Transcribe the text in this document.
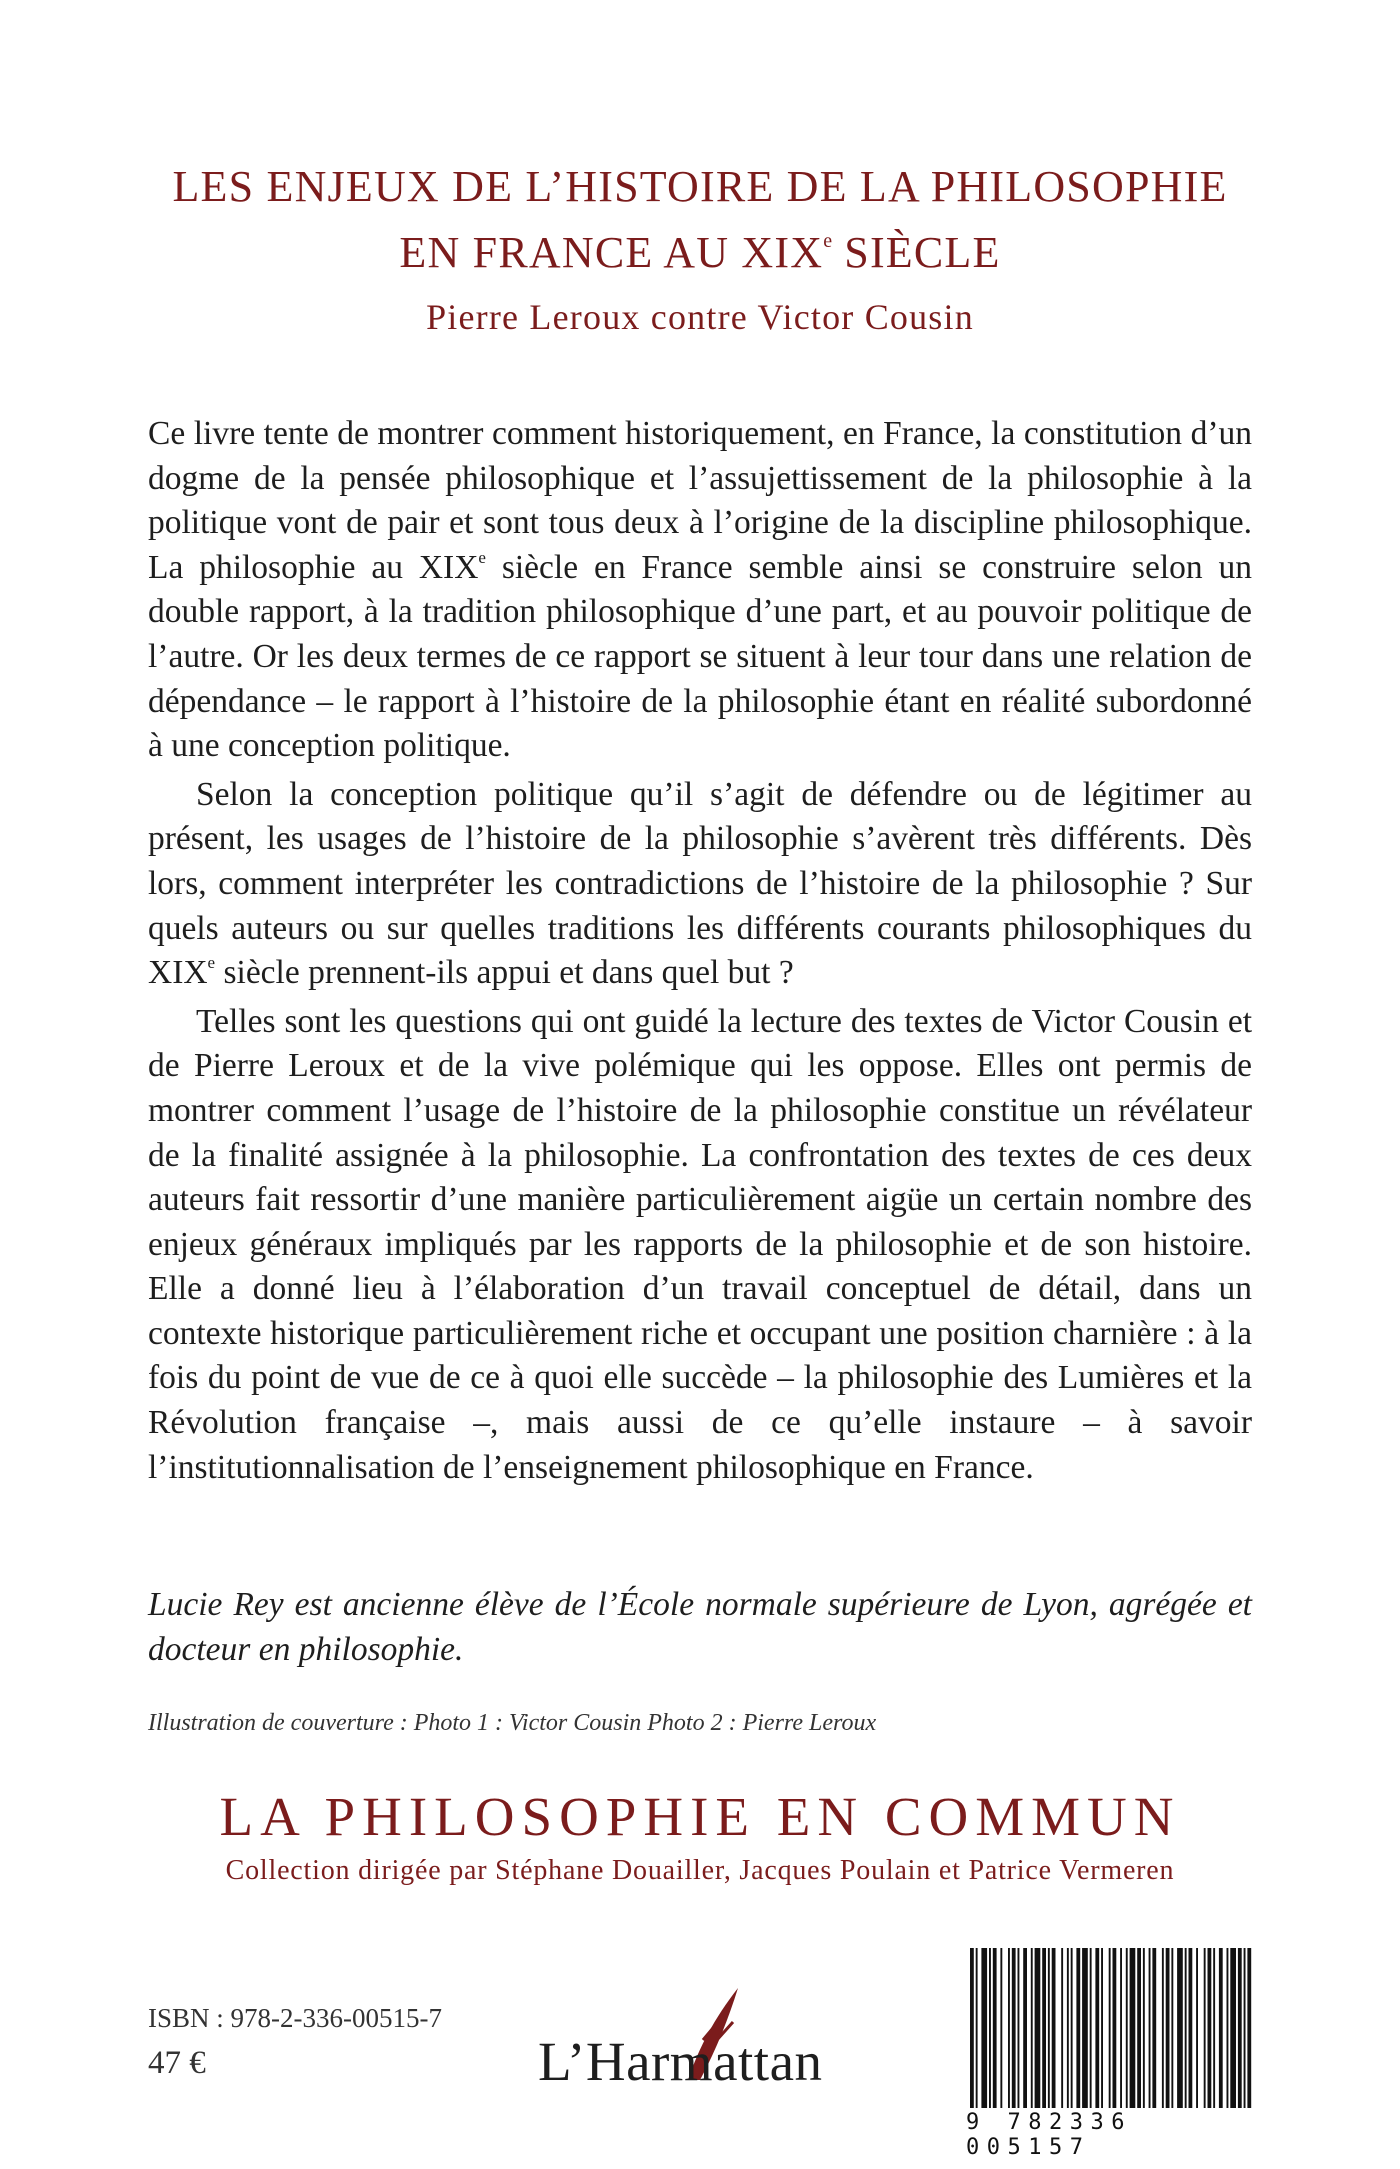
LES ENJEUX DE L’HISTOIRE DE LA PHILOSOPHIE
EN FRANCE AU XIXe SIÈCLE
Pierre Leroux contre Victor Cousin

Ce livre tente de montrer comment historiquement, en France, la constitution d’un dogme de la pensée philosophique et l’assujettissement de la philosophie à la politique vont de pair et sont tous deux à l’origine de la discipline philosophique. La philosophie au XIXe siècle en France semble ainsi se construire selon un double rapport, à la tradition philosophique d’une part, et au pouvoir politique de l’autre. Or les deux termes de ce rapport se situent à leur tour dans une relation de dépendance – le rapport à l’histoire de la philosophie étant en réalité subordonné à une conception politique.

Selon la conception politique qu’il s’agit de défendre ou de légitimer au présent, les usages de l’histoire de la philosophie s’avèrent très différents. Dès lors, comment interpréter les contradictions de l’histoire de la philosophie ? Sur quels auteurs ou sur quelles traditions les différents courants philosophiques du XIXe siècle prennent-ils appui et dans quel but ?

Telles sont les questions qui ont guidé la lecture des textes de Victor Cousin et de Pierre Leroux et de la vive polémique qui les oppose. Elles ont permis de montrer comment l’usage de l’histoire de la philosophie constitue un révélateur de la finalité assignée à la philosophie. La confrontation des textes de ces deux auteurs fait ressortir d’une manière particulièrement aigüe un certain nombre des enjeux généraux impliqués par les rapports de la philosophie et de son histoire. Elle a donné lieu à l’élaboration d’un travail conceptuel de détail, dans un contexte historique particulièrement riche et occupant une position charnière : à la fois du point de vue de ce à quoi elle succède – la philosophie des Lumières et la Révolution française –, mais aussi de ce qu’elle instaure – à savoir l’institutionnalisation de l’enseignement philosophique en France.

Lucie Rey est ancienne élève de l’École normale supérieure de Lyon, agrégée et docteur en philosophie.
Illustration de couverture : Photo 1 : Victor Cousin Photo 2 : Pierre Leroux
LA PHILOSOPHIE EN COMMUN
Collection dirigée par Stéphane Douailler, Jacques Poulain et Patrice Vermeren
ISBN : 978-2-336-00515-7
47 €	L’Harmattan
9 782336 005157
